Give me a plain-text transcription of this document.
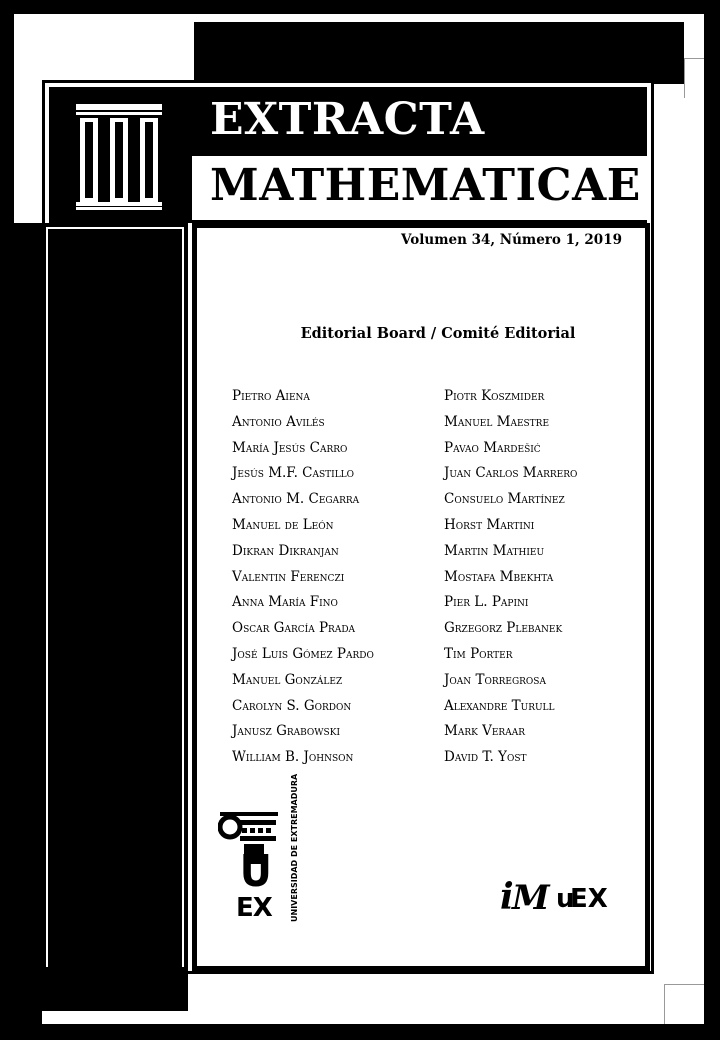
EXTRACTA
MATHEMATICAE
Volumen 34, Número 1, 2019
Editorial Board / Comité Editorial
Pietro Aiena
Antonio Avilés
María Jesús Carro
Jesús M.F. Castillo
Antonio M. Cegarra
Manuel de León
Dikran Dikranjan
Valentin Ferenczi
Anna María Fino
Oscar García Prada
José Luis Gómez Pardo
Manuel González
Carolyn S. Gordon
Janusz Grabowski
William B. Johnson
Piotr Koszmider
Manuel Maestre
Pavao Mardešić
Juan Carlos Marrero
Consuelo Martínez
Horst Martini
Martin Mathieu
Mostafa Mbekhta
Pier L. Papini
Grzegorz Plebanek
Tim Porter
Joan Torregrosa
Alexandre Turull
Mark Veraar
David T. Yost
U
EX UNIVERSIDAD DE EXTREMADURA	i
M u
EX
